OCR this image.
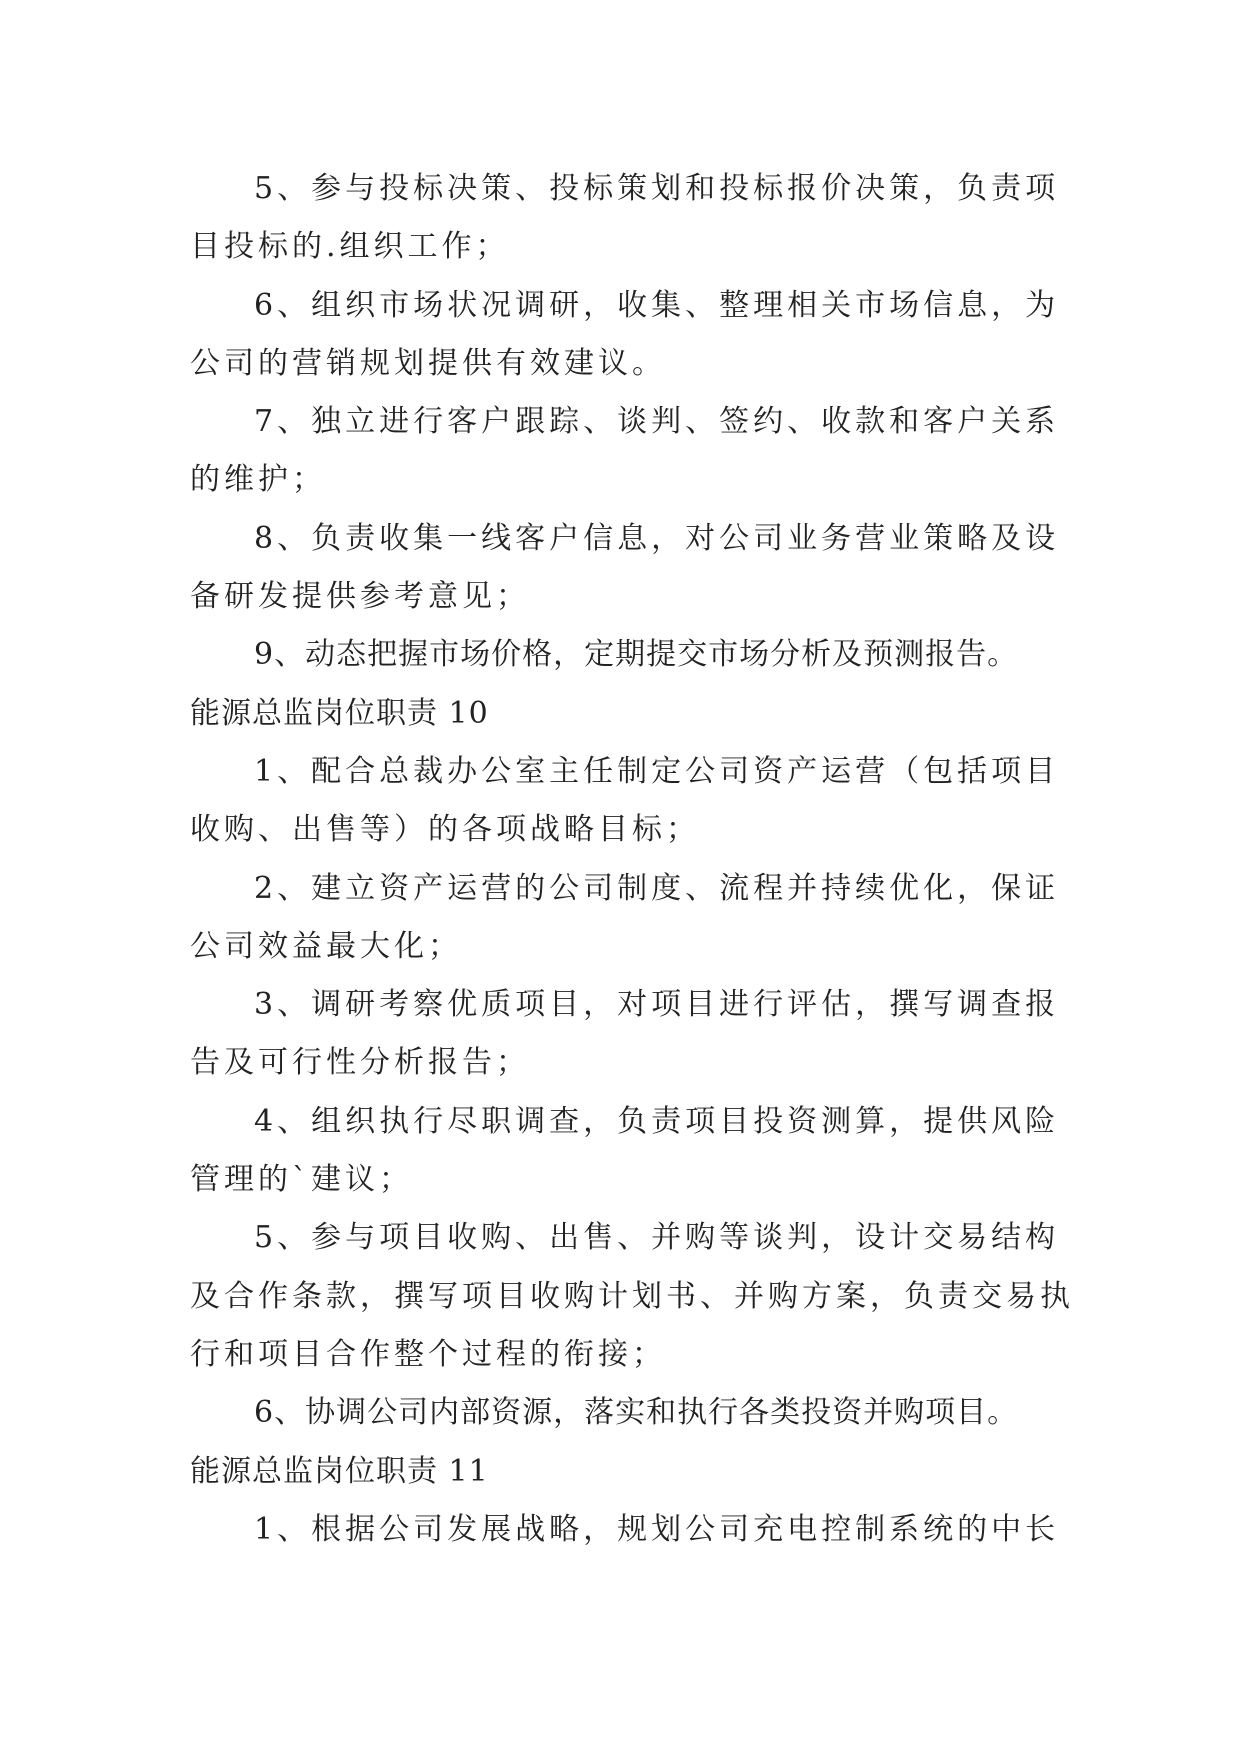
5、参与投标决策、投标策划和投标报价决策，负责项
目投标的.组织工作；
6、组织市场状况调研，收集、整理相关市场信息，为
公司的营销规划提供有效建议。
7、独立进行客户跟踪、谈判、签约、收款和客户关系
的维护；
8、负责收集一线客户信息，对公司业务营业策略及设
备研发提供参考意见；
9、动态把握市场价格，定期提交市场分析及预测报告。
能源总监岗位职责 10
1、配合总裁办公室主任制定公司资产运营（包括项目
收购、出售等）的各项战略目标；
2、建立资产运营的公司制度、流程并持续优化，保证
公司效益最大化；
3、调研考察优质项目，对项目进行评估，撰写调查报
告及可行性分析报告；
4、组织执行尽职调查，负责项目投资测算，提供风险
管理的`建议；
5、参与项目收购、出售、并购等谈判，设计交易结构
及合作条款，撰写项目收购计划书、并购方案，负责交易执
行和项目合作整个过程的衔接；
6、协调公司内部资源，落实和执行各类投资并购项目。
能源总监岗位职责 11
1、根据公司发展战略，规划公司充电控制系统的中长
